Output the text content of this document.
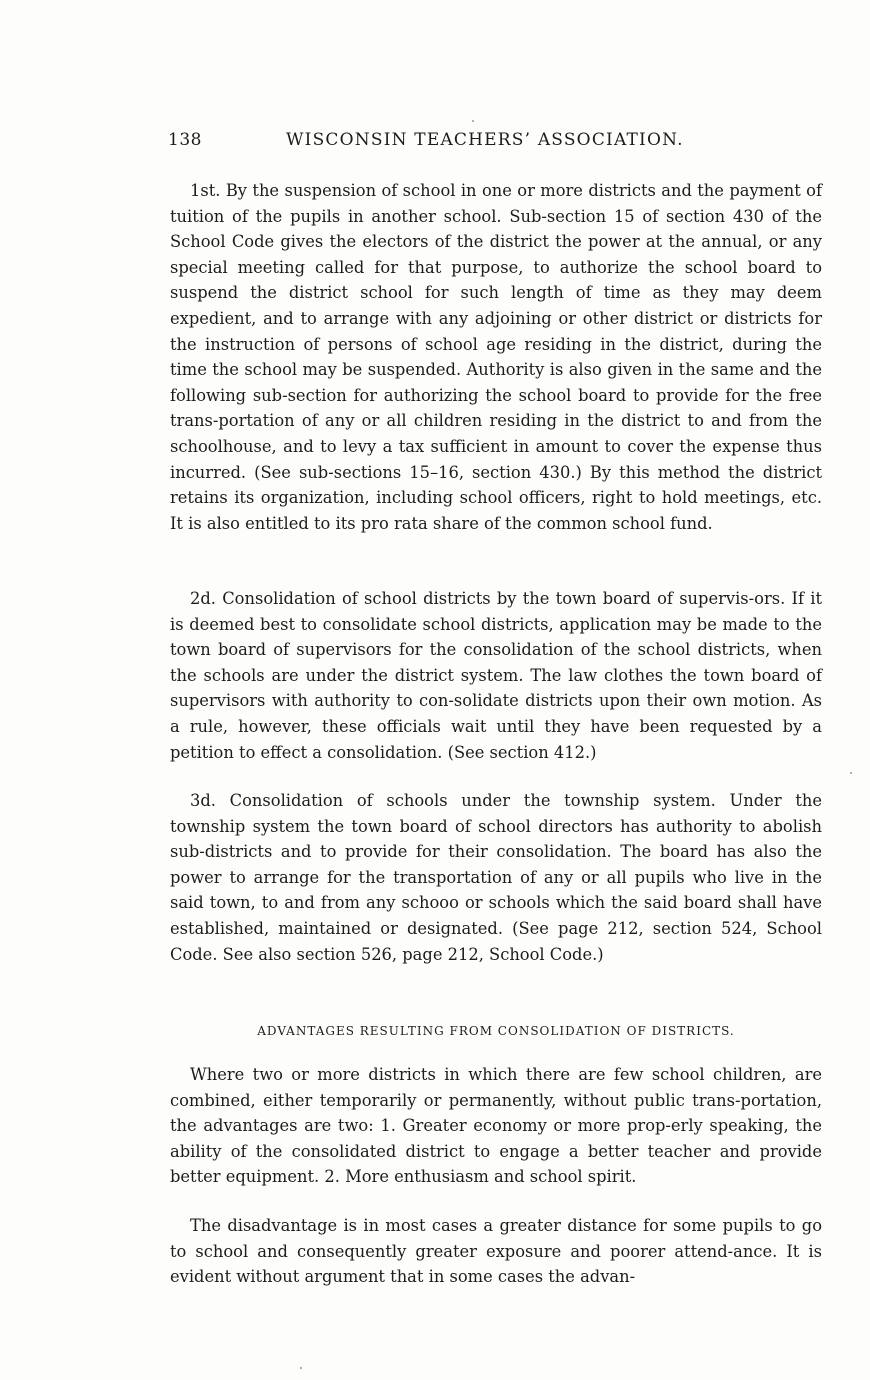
138	WISCONSIN TEACHERS’ ASSOCIATION.

1st. By the suspension of school in one or more districts and the payment of tuition of the pupils in another school. Sub-section 15 of section 430 of the School Code gives the electors of the district the power at the annual, or any special meeting called for that purpose, to authorize the school board to suspend the district school for such length of time as they may deem expedient, and to arrange with any adjoining or other district or districts for the instruction of persons of school age residing in the district, during the time the school may be suspended. Authority is also given in the same and the following sub-section for authorizing the school board to provide for the free trans-portation of any or all children residing in the district to and from the schoolhouse, and to levy a tax sufficient in amount to cover the expense thus incurred. (See sub-sections 15–16, section 430.) By this method the district retains its organization, including school officers, right to hold meetings, etc. It is also entitled to its pro rata share of the common school fund.

2d. Consolidation of school districts by the town board of supervis-ors. If it is deemed best to consolidate school districts, application may be made to the town board of supervisors for the consolidation of the school districts, when the schools are under the district system. The law clothes the town board of supervisors with authority to con-solidate districts upon their own motion. As a rule, however, these officials wait until they have been requested by a petition to effect a consolidation. (See section 412.)

3d. Consolidation of schools under the township system. Under the township system the town board of school directors has authority to abolish sub-districts and to provide for their consolidation. The board has also the power to arrange for the transportation of any or all pupils who live in the said town, to and from any schooo or schools which the said board shall have established, maintained or designated. (See page 212, section 524, School Code. See also section 526, page 212, School Code.)

ADVANTAGES RESULTING FROM CONSOLIDATION OF DISTRICTS.

Where two or more districts in which there are few school children, are combined, either temporarily or permanently, without public trans-portation, the advantages are two: 1. Greater economy or more prop-erly speaking, the ability of the consolidated district to engage a better teacher and provide better equipment. 2. More enthusiasm and school spirit.

The disadvantage is in most cases a greater distance for some pupils to go to school and consequently greater exposure and poorer attend-ance. It is evident without argument that in some cases the advan-
